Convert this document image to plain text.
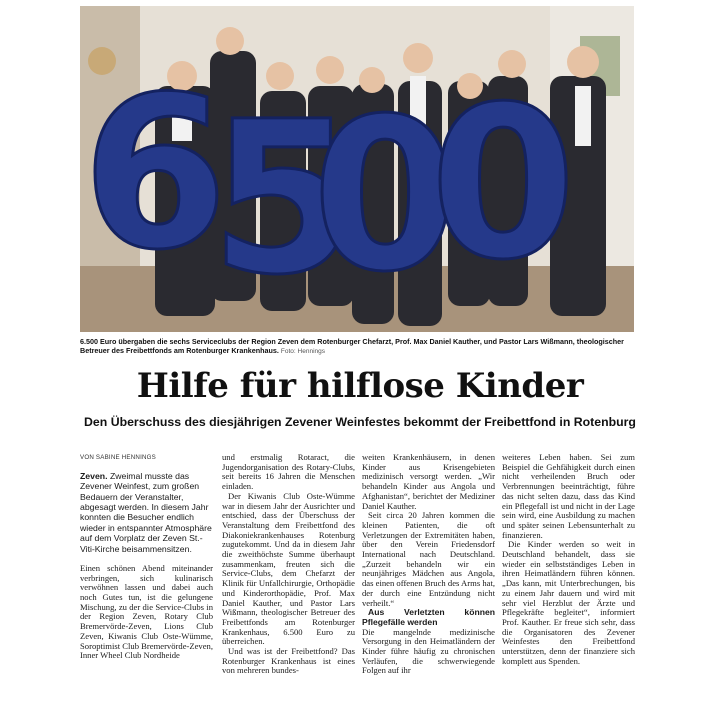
6
5
0
0
6.500 Euro übergaben die sechs Serviceclubs der Region Zeven dem Rotenburger Chefarzt, Prof. Max Daniel Kauther, und Pastor Lars Wißmann, theologischer Betreuer des Freibettfonds am Rotenburger Krankenhaus. Foto: Hennings
Hilfe für hilflose Kinder
Den Überschuss des diesjährigen Zevener Weinfestes bekommt der Freibettfond in Rotenburg
VON SABINE HENNINGS
Zeven. Zweimal musste das Zevener Weinfest, zum großen Bedauern der Veranstalter, abgesagt werden. In diesem Jahr konnten die Besucher endlich wieder in entspannter Atmosphäre auf dem Vorplatz der Zeven St.-Viti-Kirche beisammensitzen.

Einen schönen Abend miteinander verbringen, sich kulinarisch verwöhnen lassen und dabei auch noch Gutes tun, ist die gelungene Mischung, zu der die Service-Clubs in der Region Zeven, Rotary Club Bremervörde-Zeven, Lions Club Zeven, Kiwanis Club Oste-Wümme, Soroptimist Club Bremervörde-Zeven, Inner Wheel Club Nordheide

und erstmalig Rotaract, die Jugendorganisation des Rotary-Clubs, seit bereits 16 Jahren die Menschen einladen.

Der Kiwanis Club Oste-Wümme war in diesem Jahr der Ausrichter und entschied, dass der Überschuss der Veranstaltung dem Freibettfond des Diakoniekrankenhauses Rotenburg zugutekommt. Und da in diesem Jahr die zweithöchste Summe überhaupt zusammenkam, freuten sich die Service-Clubs, dem Chefarzt der Klinik für Unfallchirurgie, Orthopädie und Kinderorthopädie, Prof. Max Daniel Kauther, und Pastor Lars Wißmann, theologischer Betreuer des Freibettfonds am Rotenburger Krankenhaus, 6.500 Euro zu überreichen.

Und was ist der Freibettfond? Das Rotenburger Krankenhaus ist eines von mehreren bundes-

weiten Krankenhäusern, in denen Kinder aus Krisengebieten medizinisch versorgt werden. „Wir behandeln Kinder aus Angola und Afghanistan“, berichtet der Mediziner Daniel Kauther.

Seit circa 20 Jahren kommen die kleinen Patienten, die oft Verletzungen der Extremitäten haben, über den Verein Friedensdorf International nach Deutschland. „Zurzeit behandeln wir ein neunjähriges Mädchen aus Angola, das einen offenen Bruch des Arms hat, der durch eine Entzündung nicht verheilt.“

Aus Verletzten können Pflegefälle werden

Die mangelnde medizinische Versorgung in den Heimatländern der Kinder führe häufig zu chronischen Verläufen, die schwerwiegende Folgen auf ihr

weiteres Leben haben. Sei zum Beispiel die Gehfähigkeit durch einen nicht verheilenden Bruch oder Verbrennungen beeinträchtigt, führe das nicht selten dazu, dass das Kind ein Pflegefall ist und nicht in der Lage sein wird, eine Ausbildung zu machen und später seinen Lebensunterhalt zu finanzieren.

Die Kinder werden so weit in Deutschland behandelt, dass sie wieder ein selbstständiges Leben in ihren Heimatländern führen können. „Das kann, mit Unterbrechungen, bis zu einem Jahr dauern und wird mit sehr viel Herzblut der Ärzte und Pflegekräfte begleitet“, informiert Prof. Kauther. Er freue sich sehr, dass die Organisatoren des Zevener Weinfestes den Freibettfond unterstützen, denn der finanziere sich komplett aus Spenden.
